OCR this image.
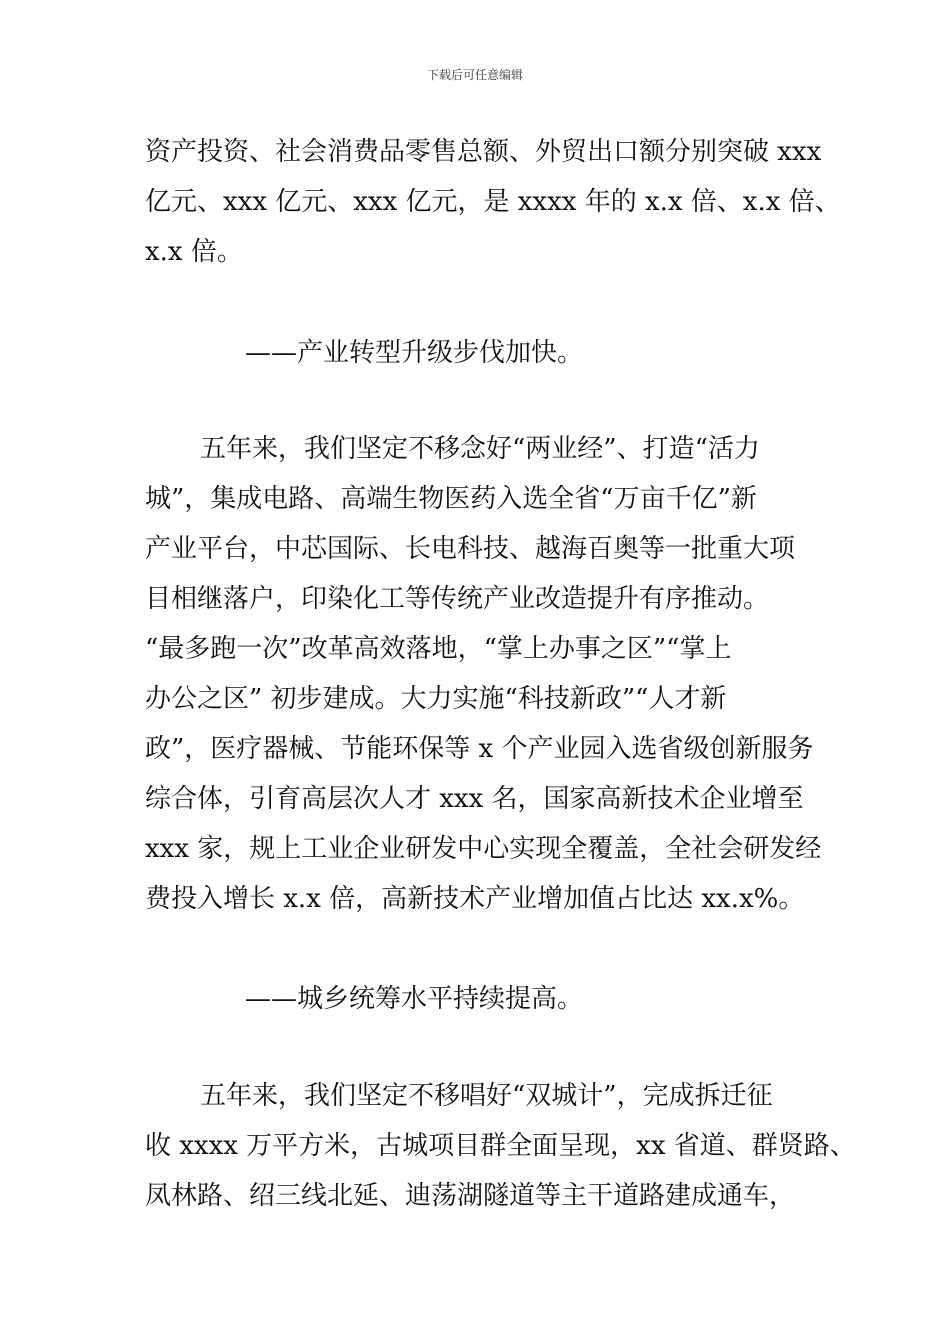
下载后可任意编辑
资产投资、社会消费品零售总额、外贸出口额分别突破 xxx
亿元、xxx 亿元、xxx 亿元，是 xxxx 年的 x.x 倍、x.x 倍、
x.x 倍。
——产业转型升级步伐加快。
五年来，我们坚定不移念好“两业经”、打造“活力
城”，集成电路、高端生物医药入选全省“万亩千亿”新
产业平台，中芯国际、长电科技、越海百奥等一批重大项
目相继落户，印染化工等传统产业改造提升有序推动。
“最多跑一次”改革高效落地，“掌上办事之区”“掌上
办公之区” 初步建成。大力实施“科技新政”“人才新
政”，医疗器械、节能环保等 x 个产业园入选省级创新服务
综合体，引育高层次人才 xxx 名，国家高新技术企业增至
xxx 家，规上工业企业研发中心实现全覆盖，全社会研发经
费投入增长 x.x 倍，高新技术产业增加值占比达 xx.x%。
——城乡统筹水平持续提高。
五年来，我们坚定不移唱好“双城计”，完成拆迁征
收 xxxx 万平方米，古城项目群全面呈现，xx 省道、群贤路、
凤林路、绍三线北延、迪荡湖隧道等主干道路建成通车，
